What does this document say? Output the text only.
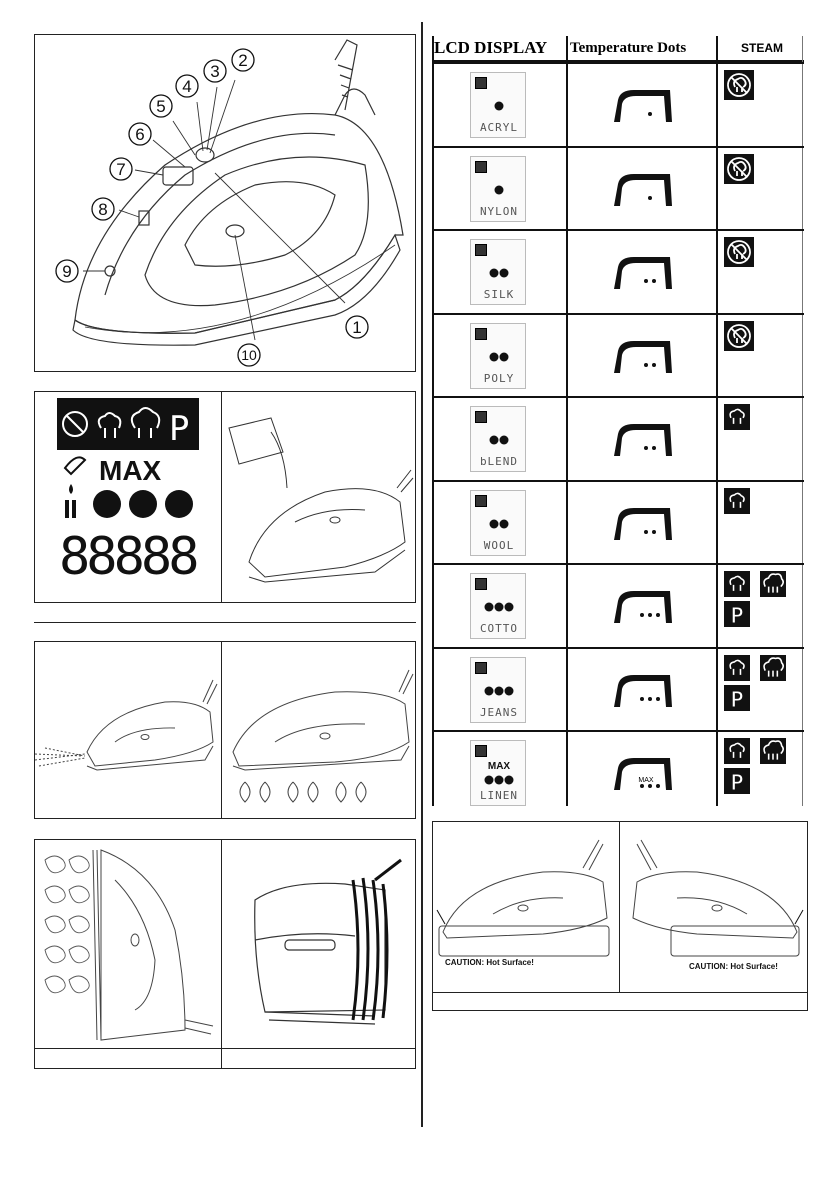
1
2
3
4
5
6
7
8
9
10
P
MAX
88888
LCD DISPLAY	Temperature Dots	STEAM
ACRYL
NYLON
SILK
POLY
bLEND
WOOL
COTTO
P
JEANS
P
MAX
LINEN
MAX	P
CAUTION: Hot Surface!	CAUTION: Hot Surface!
